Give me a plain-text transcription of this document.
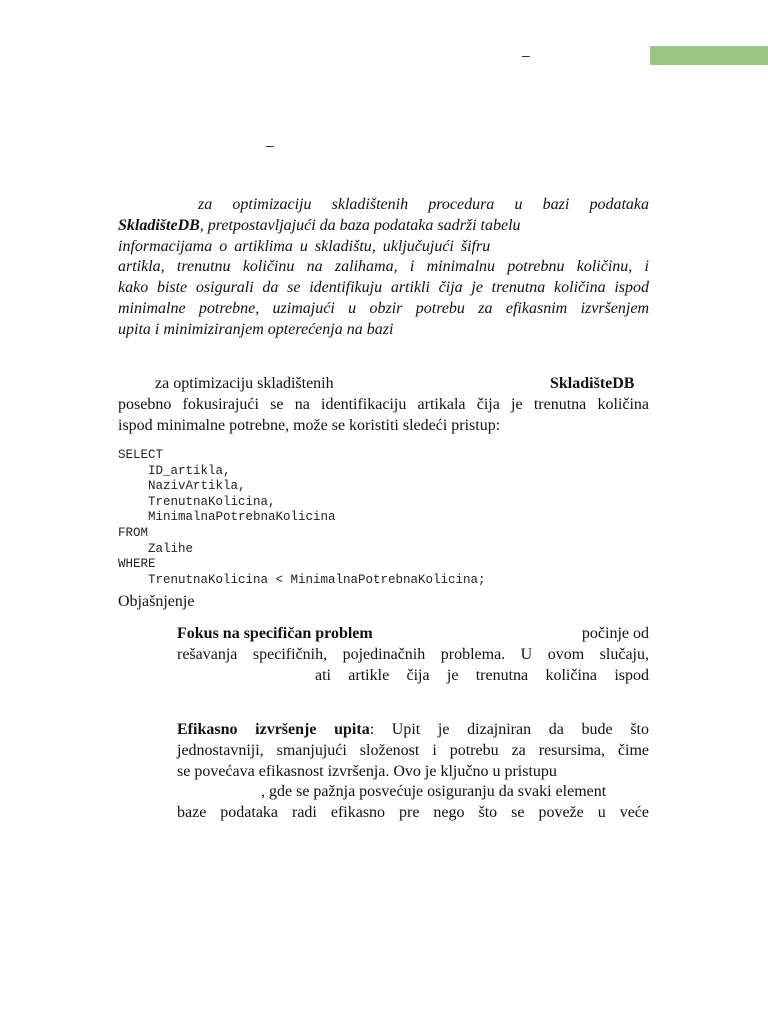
–
–
za optimizaciju skladištenih procedura u bazi podataka
SkladišteDB, pretpostavljajući da baza podataka sadrži tabelu
informacijama o artiklima u skladištu, uključujući šifru
artikla, trenutnu količinu na zalihama, i minimalnu potrebnu količinu, i
kako biste osigurali da se identifikuju artikli čija je trenutna količina ispod
minimalne potrebne, uzimajući u obzir potrebu za efikasnim izvršenjem
upita i minimiziranjem opterećenja na bazi
za optimizaciju skladištenih	SkladišteDB
posebno fokusirajući se na identifikaciju artikala čija je trenutna količina
ispod minimalne potrebne, može se koristiti sledeći pristup:
SELECT
ID_artikla,
NazivArtikla,
TrenutnaKolicina,
MinimalnaPotrebnaKolicina
FROM
Zalihe
WHERE
TrenutnaKolicina < MinimalnaPotrebnaKolicina;
Objašnjenje
Fokus na specifičan problem	počinje od
rešavanja specifičnih, pojedinačnih problema. U ovom slučaju,
ati artikle čija je trenutna količina ispod
Efikasno izvršenje upita: Upit je dizajniran da bude što
jednostavniji, smanjujući složenost i potrebu za resursima, čime
se povećava efikasnost izvršenja. Ovo je ključno u pristupu
, gde se pažnja posvećuje osiguranju da svaki element
baze podataka radi efikasno pre nego što se poveže u veće
